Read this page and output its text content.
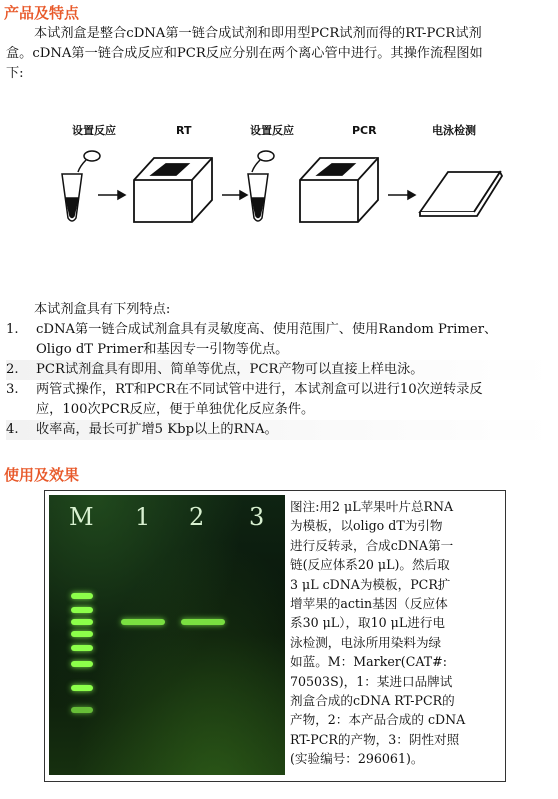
产品及特点
本试剂盒是整合cDNA第一链合成试剂和即用型PCR试剂而得的RT-PCR试剂
盒。cDNA第一链合成反应和PCR反应分别在两个离心管中进行。其操作流程图如
下:
设置反应	RT	设置反应	PCR	电泳检测
本试剂盒具有下列特点:
1. cDNA第一链合成试剂盒具有灵敏度高、使用范围广、使用Random Primer、
Oligo dT Primer和基因专一引物等优点。
2. PCR试剂盒具有即用、简单等优点，PCR产物可以直接上样电泳。
3. 两管式操作，RT和PCR在不同试管中进行，本试剂盒可以进行10次逆转录反
应，100次PCR反应，便于单独优化反应条件。
4. 收率高，最长可扩增5 Kbp以上的RNA。
使用及效果
M 1 2 3 图注:用2 μL苹果叶片总RNA
为模板，以oligo dT为引物
进行反转录，合成cDNA第一
链(反应体系20 μL)。然后取
3 μL cDNA为模板，PCR扩
增苹果的actin基因（反应体
系30 μL），取10 μL进行电
泳检测，电泳所用染料为绿
如蓝。M：Marker(CAT#:
70503S)，1：某进口品牌试
剂盒合成的cDNA RT-PCR的
产物，2：本产品合成的 cDNA
RT-PCR的产物，3：阴性对照
(实验编号：296061)。
